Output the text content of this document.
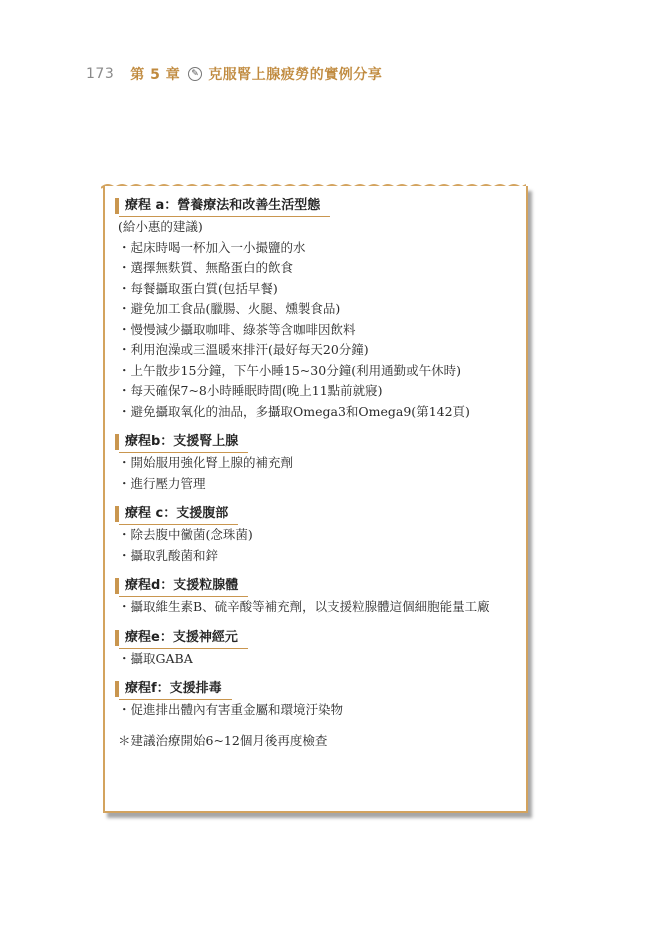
173 第 5 章	✎ 克服腎上腺疲勞的實例分享
療程 a：營養療法和改善生活型態
(給小惠的建議)
・起床時喝一杯加入一小撮鹽的水
・選擇無麩質、無酪蛋白的飲食
・每餐攝取蛋白質(包括早餐)
・避免加工食品(臘腸、火腿、燻製食品)
・慢慢減少攝取咖啡、綠茶等含咖啡因飲料
・利用泡澡或三溫暖來排汗(最好每天20分鐘)
・上午散步15分鐘，下午小睡15~30分鐘(利用通勤或午休時)
・每天確保7~8小時睡眠時間(晚上11點前就寢)
・避免攝取氧化的油品，多攝取Omega3和Omega9(第142頁)
療程b：支援腎上腺
・開始服用強化腎上腺的補充劑
・進行壓力管理
療程 c：支援腹部
・除去腹中黴菌(念珠菌)
・攝取乳酸菌和鋅
療程d：支援粒腺體
・攝取維生素B、硫辛酸等補充劑，以支援粒腺體這個細胞能量工廠
療程e：支援神經元
・攝取GABA
療程f：支援排毒
・促進排出體內有害重金屬和環境汙染物
＊建議治療開始6~12個月後再度檢查
